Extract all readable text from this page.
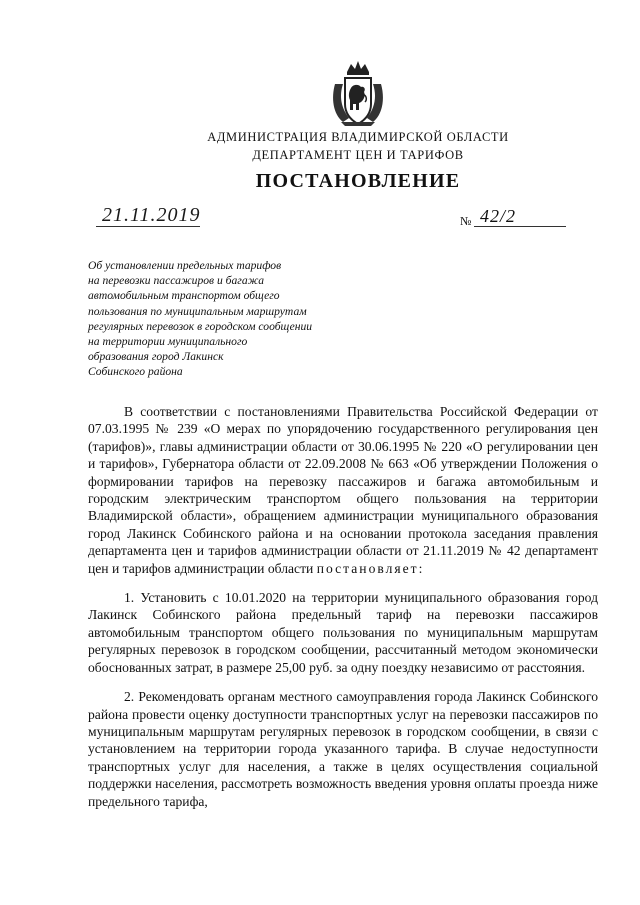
АДМИНИСТРАЦИЯ ВЛАДИМИРСКОЙ ОБЛАСТИ
ДЕПАРТАМЕНТ ЦЕН И ТАРИФОВ
ПОСТАНОВЛЕНИЕ
21.11.2019	№ 42/2
Об установлении предельных тарифов
на перевозки пассажиров и багажа
автомобильным транспортом общего
пользования по муниципальным маршрутам
регулярных перевозок в городском сообщении
на территории муниципального
образования город Лакинск
Собинского района

В соответствии с постановлениями Правительства Российской Федерации от 07.03.1995 № 239 «О мерах по упорядочению государственного регулирования цен (тарифов)», главы администрации области от 30.06.1995 № 220 «О регулировании цен и тарифов», Губернатора области от 22.09.2008 № 663 «Об утверждении Положения о формировании тарифов на перевозку пассажиров и багажа автомобильным и городским электрическим транспортом общего пользования на территории Владимирской области», обращением администрации муниципального образования город Лакинск Собинского района и на основании протокола заседания правления департамента цен и тарифов администрации области от 21.11.2019 № 42 департамент цен и тарифов администрации области постановляет:

1. Установить с 10.01.2020 на территории муниципального образования город Лакинск Собинского района предельный тариф на перевозки пассажиров автомобильным транспортом общего пользования по муниципальным маршрутам регулярных перевозок в городском сообщении, рассчитанный методом экономически обоснованных затрат, в размере 25,00 руб. за одну поездку независимо от расстояния.

2. Рекомендовать органам местного самоуправления города Лакинск Собинского района провести оценку доступности транспортных услуг на перевозки пассажиров по муниципальным маршрутам регулярных перевозок в городском сообщении, в связи с установлением на территории города указанного тарифа. В случае недоступности транспортных услуг для населения, а также в целях осуществления социальной поддержки населения, рассмотреть возможность введения уровня оплаты проезда ниже предельного тарифа,
